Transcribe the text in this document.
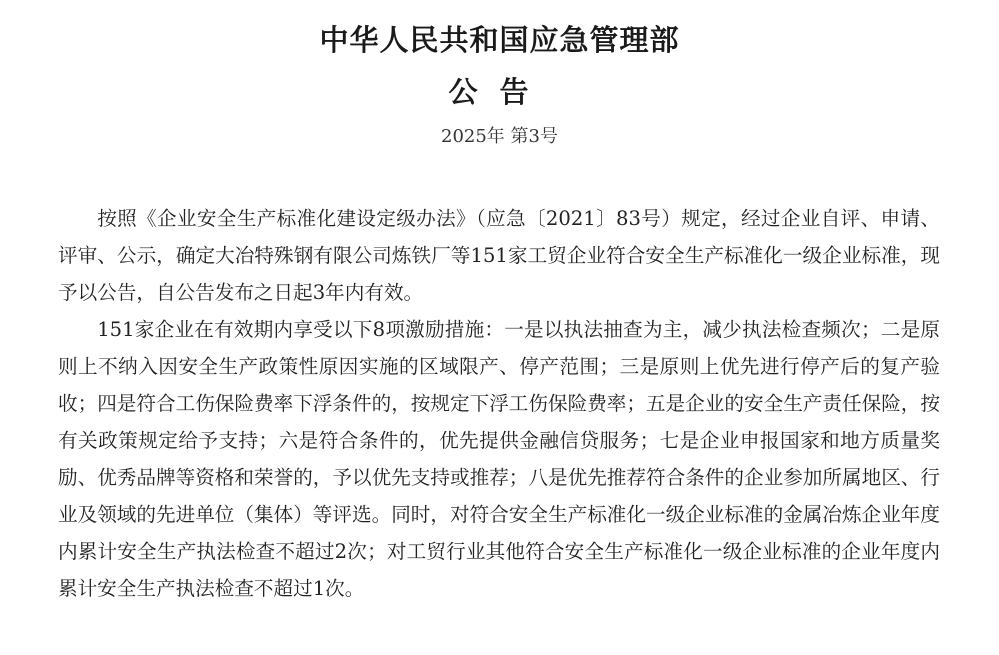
中华人民共和国应急管理部
公告
2025年 第3号

按照《企业安全生产标准化建设定级办法》（应急〔2021〕83号）规定，经过企业自评、申请、评审、公示，确定大冶特殊钢有限公司炼铁厂等151家工贸企业符合安全生产标准化一级企业标准，现予以公告，自公告发布之日起3年内有效。

151家企业在有效期内享受以下8项激励措施：一是以执法抽查为主，减少执法检查频次；二是原则上不纳入因安全生产政策性原因实施的区域限产、停产范围；三是原则上优先进行停产后的复产验收；四是符合工伤保险费率下浮条件的，按规定下浮工伤保险费率；五是企业的安全生产责任保险，按有关政策规定给予支持；六是符合条件的，优先提供金融信贷服务；七是企业申报国家和地方质量奖励、优秀品牌等资格和荣誉的，予以优先支持或推荐；八是优先推荐符合条件的企业参加所属地区、行业及领域的先进单位（集体）等评选。同时，对符合安全生产标准化一级企业标准的金属冶炼企业年度内累计安全生产执法检查不超过2次；对工贸行业其他符合安全生产标准化一级企业标准的企业年度内累计安全生产执法检查不超过1次。
